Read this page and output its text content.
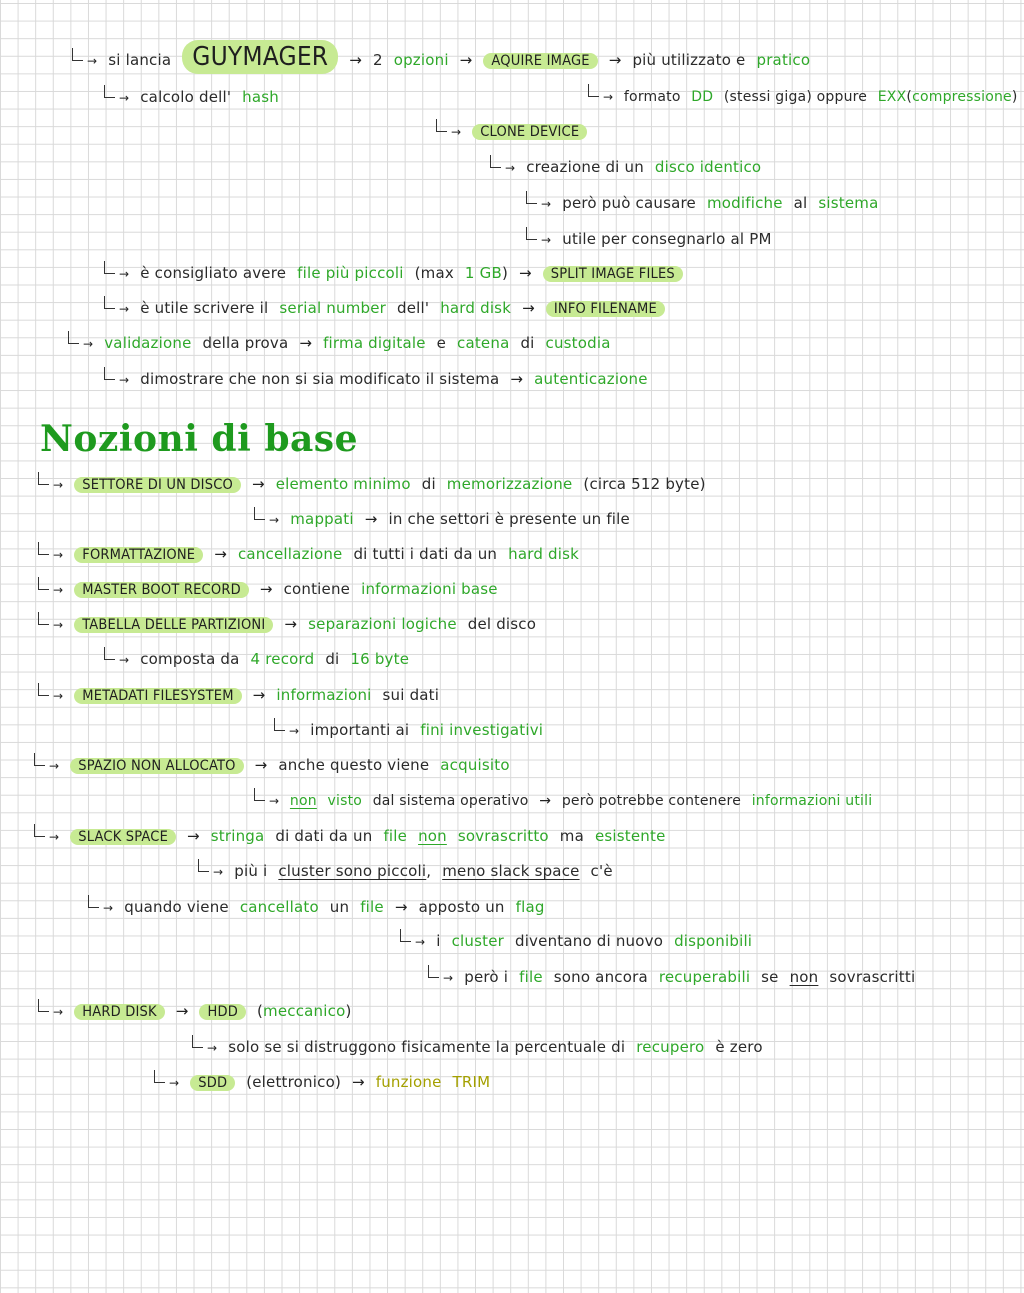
→ si lancia GUYMAGER → 2 opzioni → AQUIRE IMAGE → più utilizzato e pratico
→ calcolo dell' hash	→ formato DD (stessi giga) oppure EXX(compressione)
→ CLONE DEVICE
→ creazione di un disco identico
→ però può causare modifiche al sistema
→ utile per consegnarlo al PM
→ è consigliato avere file più piccoli (max 1 GB) → SPLIT IMAGE FILES
→ è utile scrivere il serial number dell' hard disk → INFO FILENAME
→ validazione della prova → firma digitale e catena di custodia
→ dimostrare che non si sia modificato il sistema → autenticazione
Nozioni di base
→ SETTORE DI UN DISCO → elemento minimo di memorizzazione (circa 512 byte)
→ mappati → in che settori è presente un file
→ FORMATTAZIONE → cancellazione di tutti i dati da un hard disk
→ MASTER BOOT RECORD → contiene informazioni base
→ TABELLA DELLE PARTIZIONI → separazioni logiche del disco
→ composta da 4 record di 16 byte
→ METADATI FILESYSTEM → informazioni sui dati
→ importanti ai fini investigativi
→ SPAZIO NON ALLOCATO → anche questo viene acquisito
→ non visto dal sistema operativo → però potrebbe contenere informazioni utili
→ SLACK SPACE → stringa di dati da un file non sovrascritto ma esistente
→ più i cluster sono piccoli, meno slack space c'è
→ quando viene cancellato un file → apposto un flag
→ i cluster diventano di nuovo disponibili
→ però i file sono ancora recuperabili se non sovrascritti
→ HARD DISK → HDD (meccanico)
→ solo se si distruggono fisicamente la percentuale di recupero è zero
→ SDD (elettronico) → funzione TRIM
